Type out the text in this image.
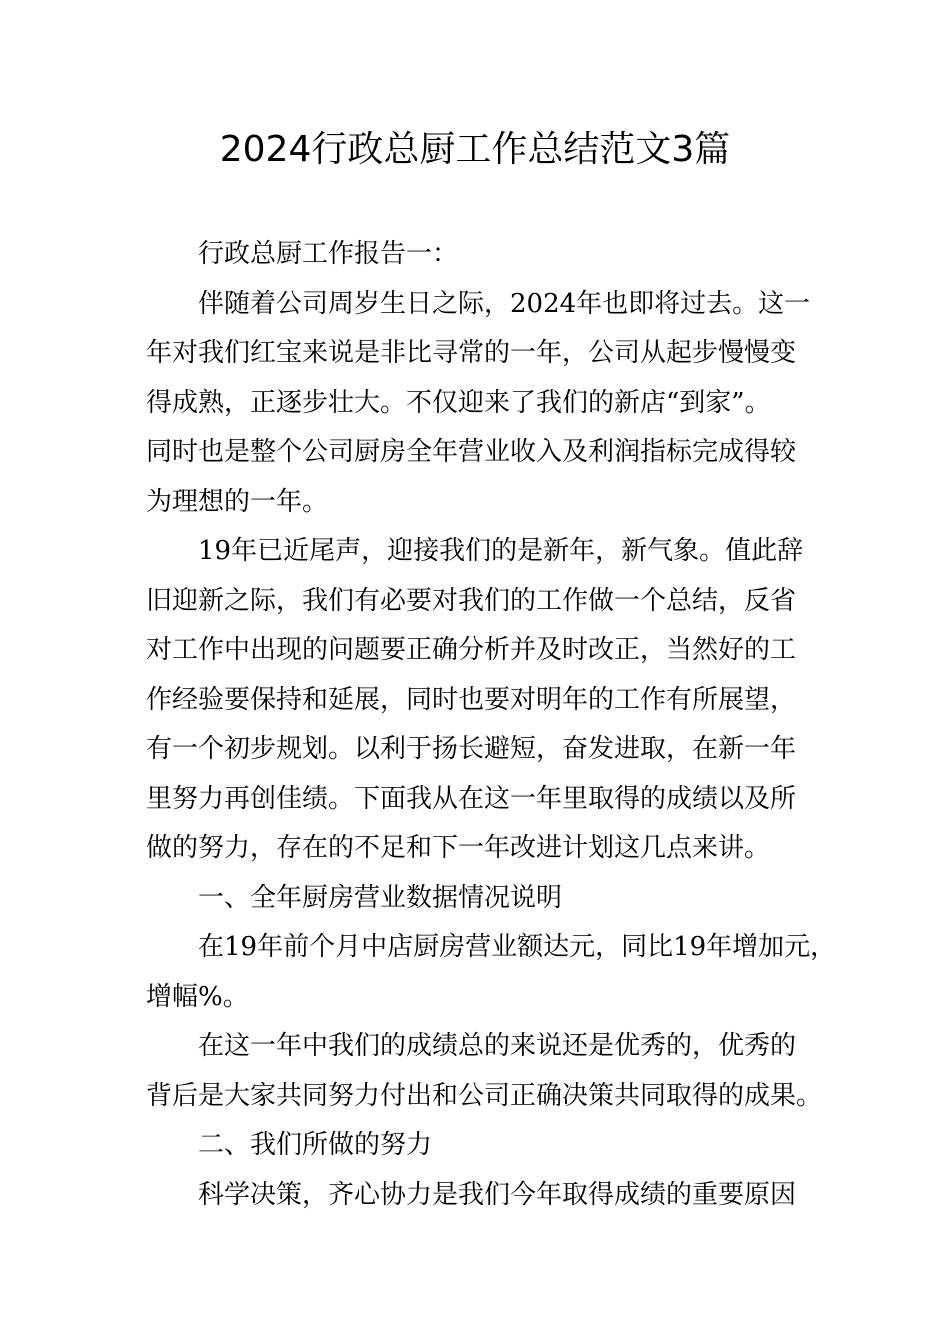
2024行政总厨工作总结范文3篇
行政总厨工作报告一：
伴随着公司周岁生日之际，2024年也即将过去。这一
年对我们红宝来说是非比寻常的一年，公司从起步慢慢变
得成熟，正逐步壮大。不仅迎来了我们的新店“到家”。
同时也是整个公司厨房全年营业收入及利润指标完成得较
为理想的一年。
19年已近尾声，迎接我们的是新年，新气象。值此辞
旧迎新之际，我们有必要对我们的工作做一个总结，反省
对工作中出现的问题要正确分析并及时改正，当然好的工
作经验要保持和延展，同时也要对明年的工作有所展望，
有一个初步规划。以利于扬长避短，奋发进取，在新一年
里努力再创佳绩。下面我从在这一年里取得的成绩以及所
做的努力，存在的不足和下一年改进计划这几点来讲。
一、全年厨房营业数据情况说明
在19年前个月中店厨房营业额达元，同比19年增加元，
增幅%。
在这一年中我们的成绩总的来说还是优秀的，优秀的
背后是大家共同努力付出和公司正确决策共同取得的成果。
二、我们所做的努力
科学决策，齐心协力是我们今年取得成绩的重要原因
